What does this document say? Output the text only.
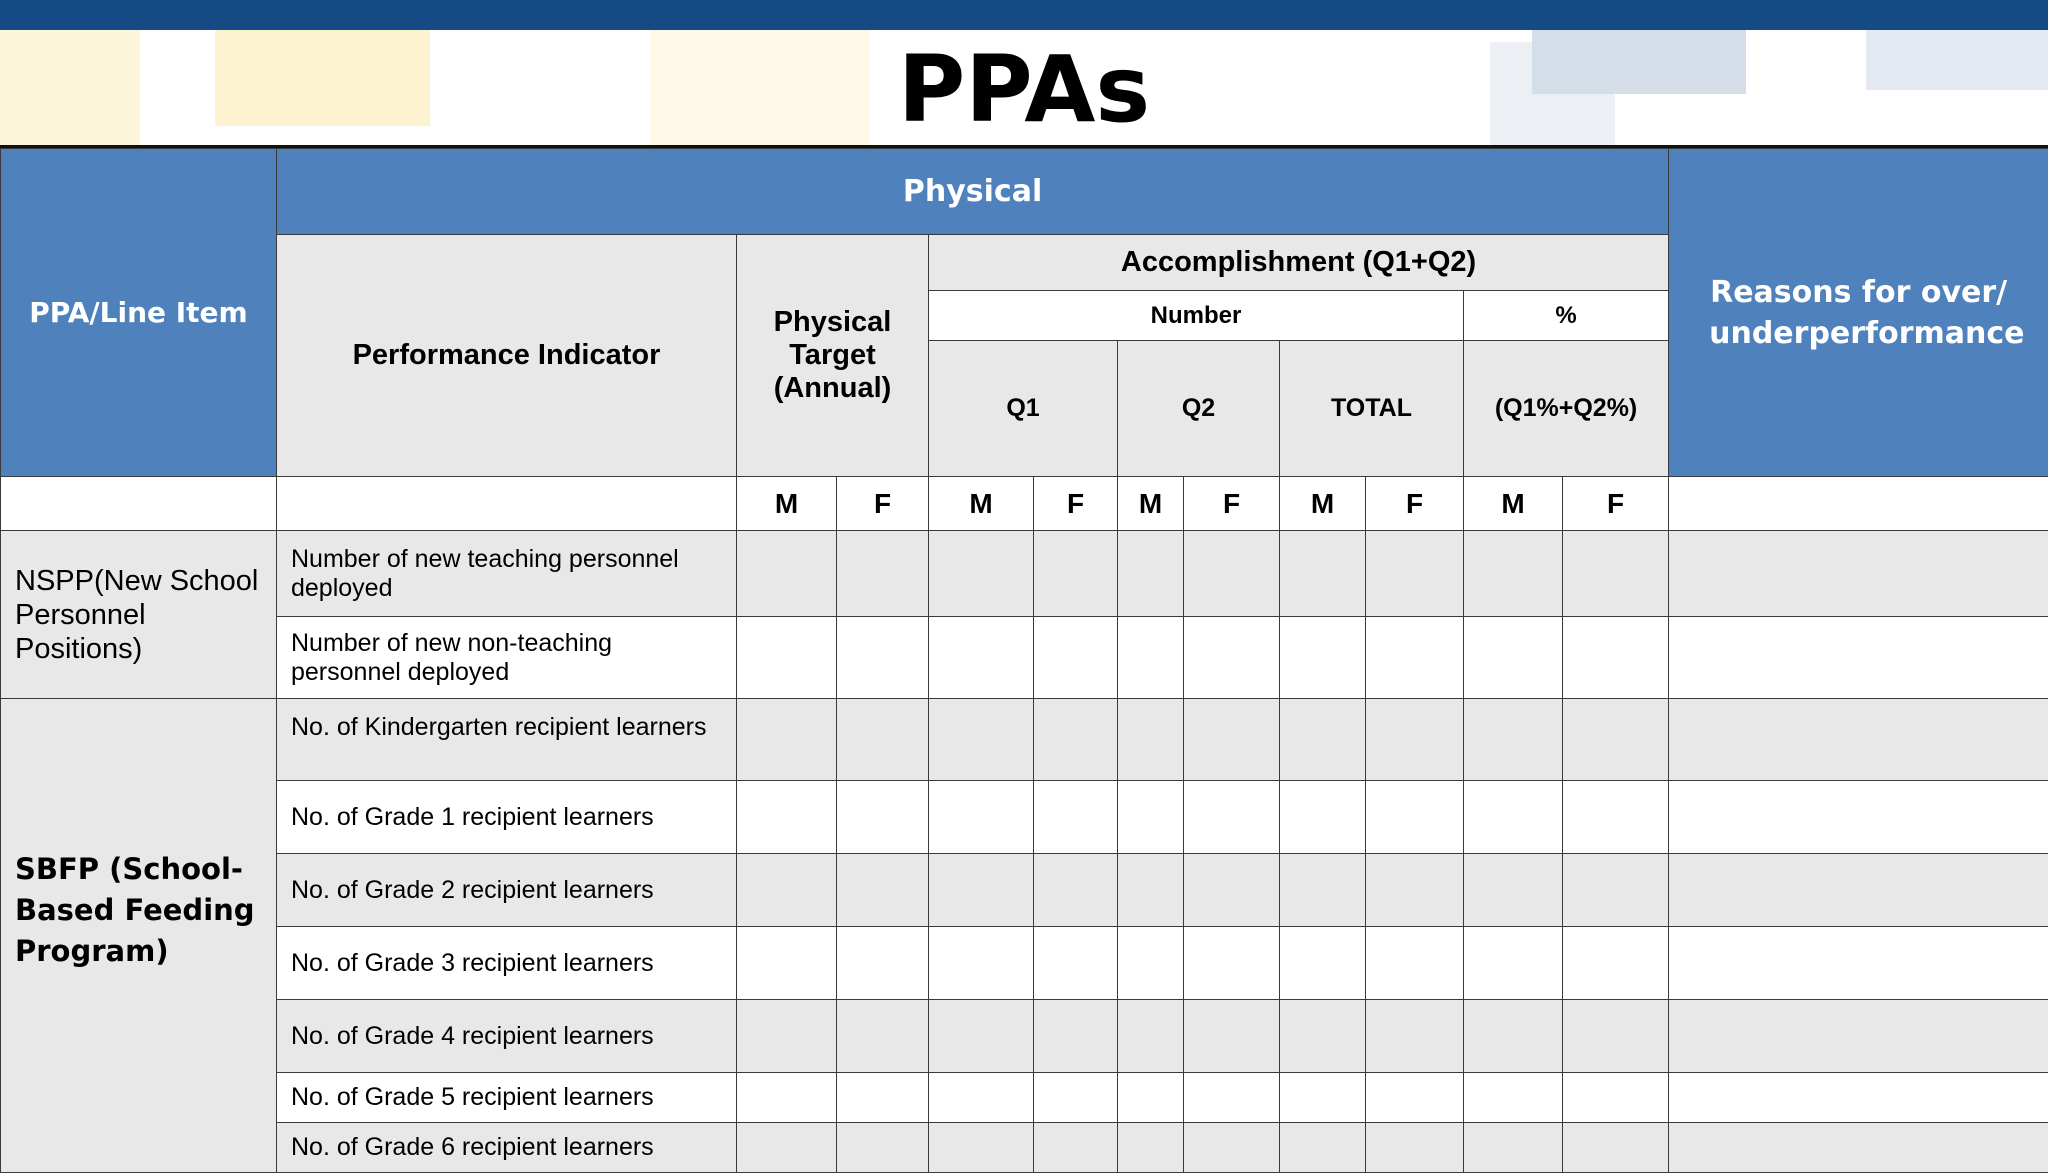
PPAs
PPA/Line Item	Physical											Reasons for over/ underperformance
	Performance Indicator	Physical Target (Annual)		Accomplishment (Q1+Q2)								
				Number						%		
				Q1		Q2		TOTAL		(Q1%+Q2%)		
		M	F	M	F	M	F	M	F	M	F	
NSPP(New School Personnel Positions)	Number of new teaching personnel deployed											
	Number of new non-teaching personnel deployed											
SBFP (School-Based Feeding Program)	No. of Kindergarten recipient learners											
	No. of Grade 1 recipient learners											
	No. of Grade 2 recipient learners											
	No. of Grade 3 recipient learners											
	No. of Grade 4 recipient learners											
	No. of Grade 5 recipient learners											
	No. of Grade 6 recipient learners											
